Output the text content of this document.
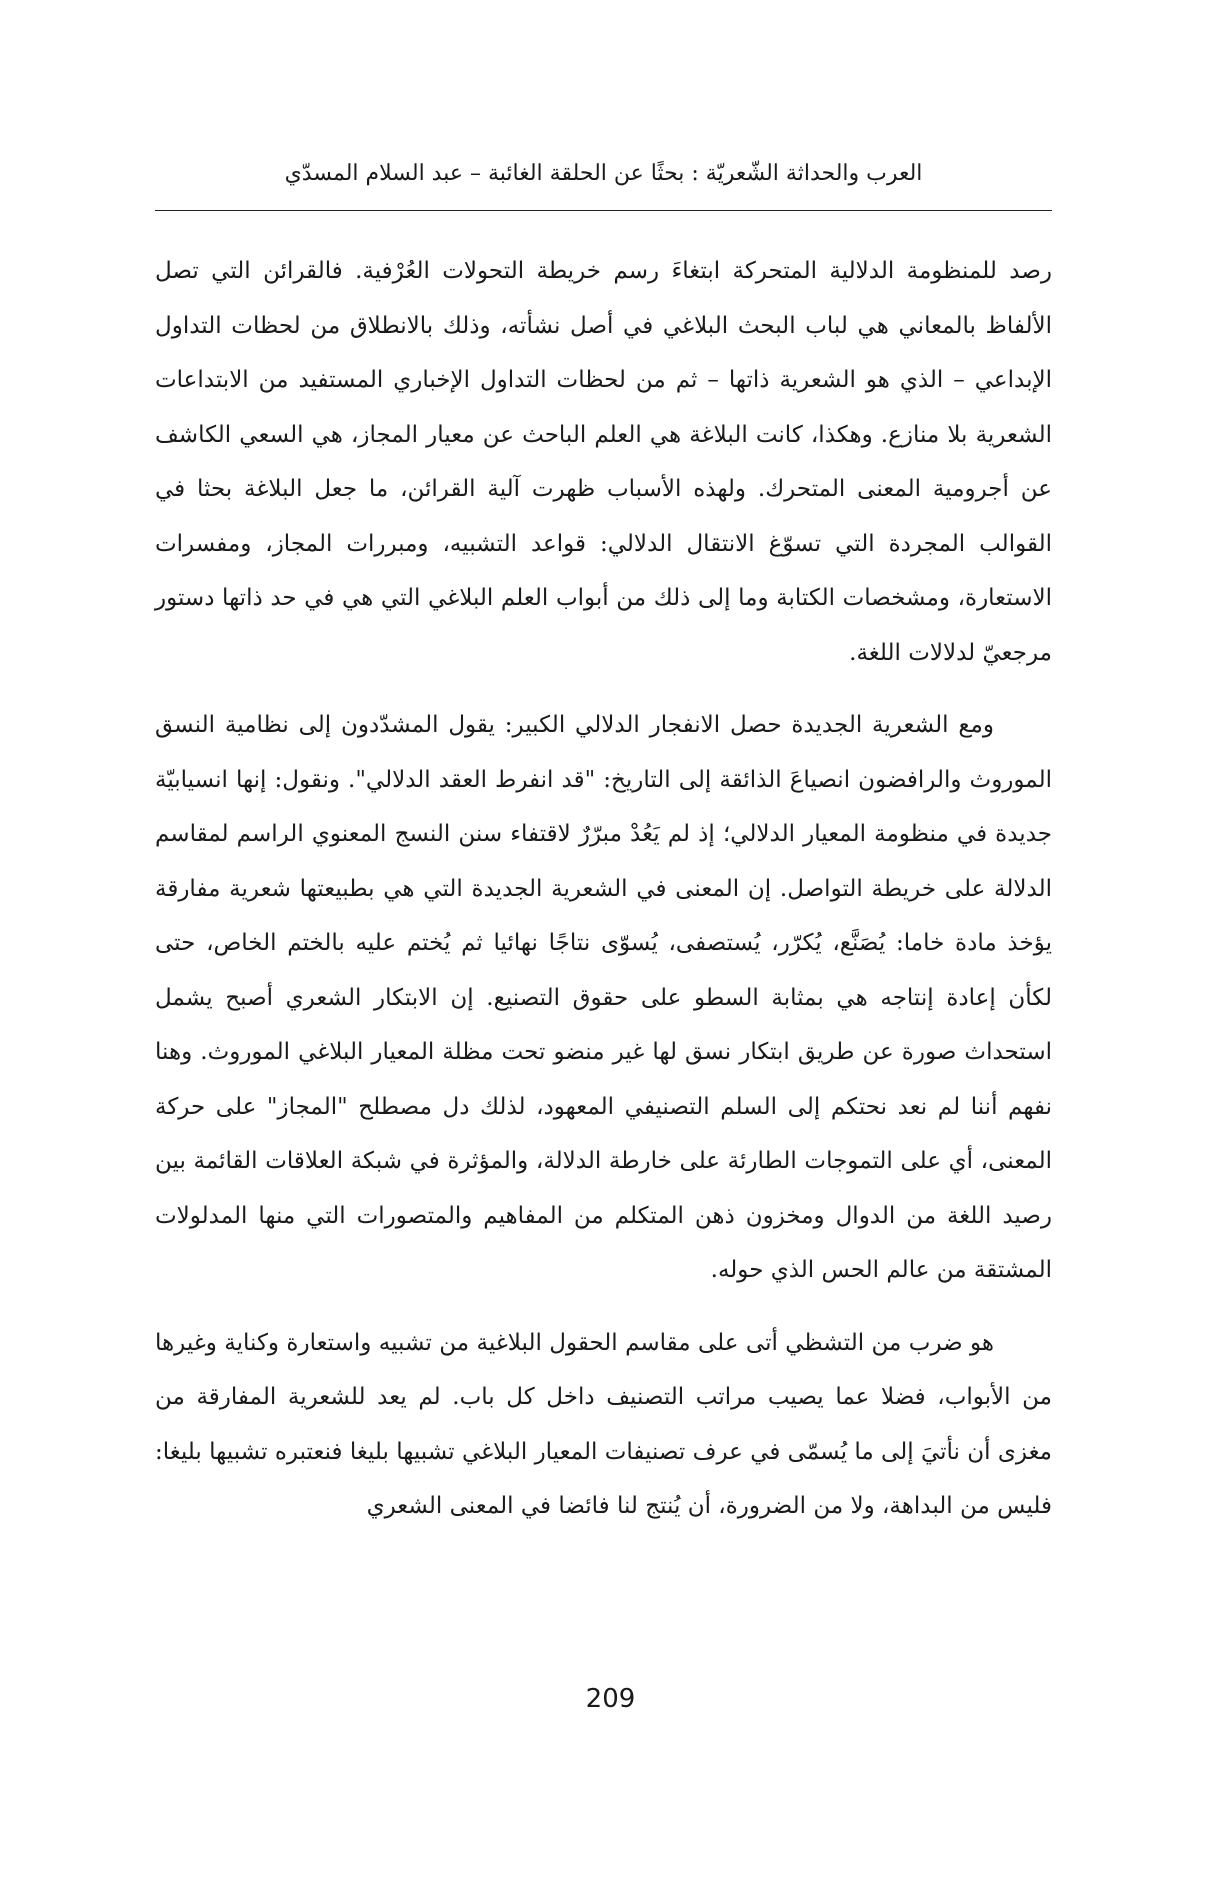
العرب والحداثة الشّعريّة : بحثًا عن الحلقة الغائبة – عبد السلام المسدّي

رصد للمنظومة الدلالية المتحركة ابتغاءَ رسم خريطة التحولات العُرْفية. فالقرائن التي تصل الألفاظ بالمعاني هي لباب البحث البلاغي في أصل نشأته، وذلك بالانطلاق من لحظات التداول الإبداعي – الذي هو الشعرية ذاتها – ثم من لحظات التداول الإخباري المستفيد من الابتداعات الشعرية بلا منازع. وهكذا، كانت البلاغة هي العلم الباحث عن معيار المجاز، هي السعي الكاشف عن أجرومية المعنى المتحرك. ولهذه الأسباب ظهرت آلية القرائن، ما جعل البلاغة بحثا في القوالب المجردة التي تسوّغ الانتقال الدلالي: قواعد التشبيه، ومبررات المجاز، ومفسرات الاستعارة، ومشخصات الكتابة وما إلى ذلك من أبواب العلم البلاغي التي هي في حد ذاتها دستور مرجعيّ لدلالات اللغة.

ومع الشعرية الجديدة حصل الانفجار الدلالي الكبير: يقول المشدّدون إلى نظامية النسق الموروث والرافضون انصياعَ الذائقة إلى التاريخ: "قد انفرط العقد الدلالي". ونقول: إنها انسيابيّة جديدة في منظومة المعيار الدلالي؛ إذ لم يَعُدْ مبرّرٌ لاقتفاء سنن النسج المعنوي الراسم لمقاسم الدلالة على خريطة التواصل. إن المعنى في الشعرية الجديدة التي هي بطبيعتها شعرية مفارقة يؤخذ مادة خاما: يُصَنَّع، يُكرّر، يُستصفى، يُسوّى نتاجًا نهائيا ثم يُختم عليه بالختم الخاص، حتى لكأن إعادة إنتاجه هي بمثابة السطو على حقوق التصنيع. إن الابتكار الشعري أصبح يشمل استحداث صورة عن طريق ابتكار نسق لها غير منضو تحت مظلة المعيار البلاغي الموروث. وهنا نفهم أننا لم نعد نحتكم إلى السلم التصنيفي المعهود، لذلك دل مصطلح "المجاز" على حركة المعنى، أي على التموجات الطارئة على خارطة الدلالة، والمؤثرة في شبكة العلاقات القائمة بين رصيد اللغة من الدوال ومخزون ذهن المتكلم من المفاهيم والمتصورات التي منها المدلولات المشتقة من عالم الحس الذي حوله.

هو ضرب من التشظي أتى على مقاسم الحقول البلاغية من تشبيه واستعارة وكناية وغيرها من الأبواب، فضلا عما يصيب مراتب التصنيف داخل كل باب. لم يعد للشعرية المفارقة من مغزى أن نأتيَ إلى ما يُسمّى في عرف تصنيفات المعيار البلاغي تشبيها بليغا فنعتبره تشبيها بليغا: فليس من البداهة، ولا من الضرورة، أن يُنتج لنا فائضا في المعنى الشعري

209
